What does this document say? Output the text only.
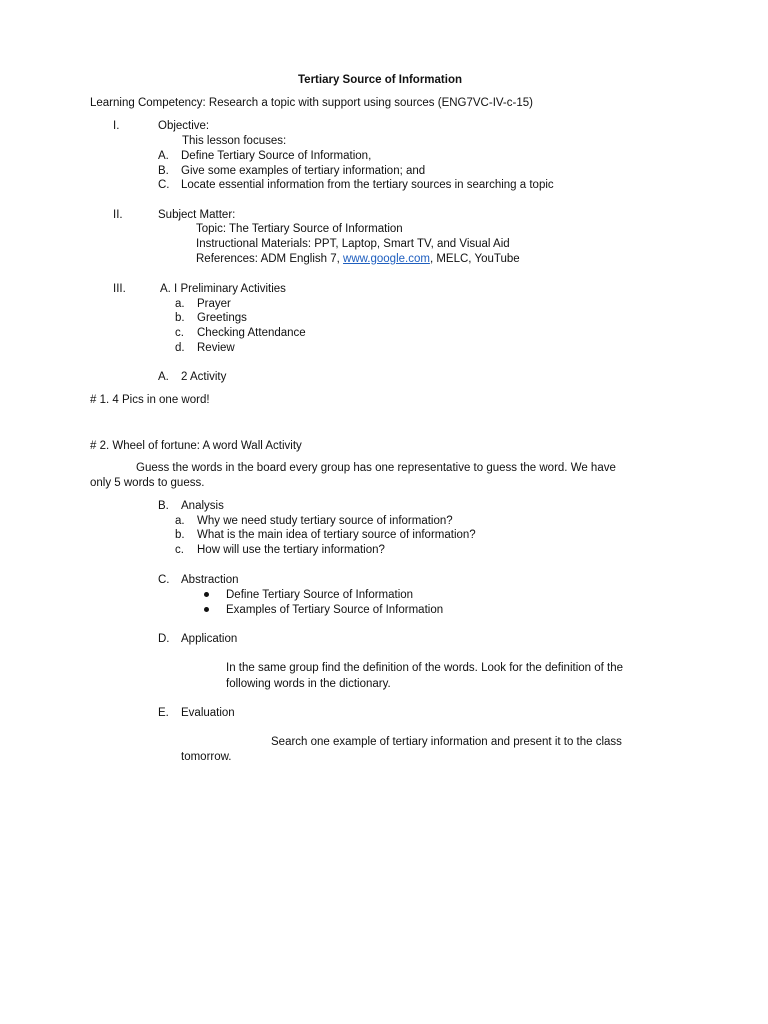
Tertiary Source of Information
Learning Competency: Research a topic with support using sources (ENG7VC-IV-c-15)
I.	Objective:
This lesson focuses:
A. Define Tertiary Source of Information,
B. Give some examples of tertiary information; and
C. Locate essential information from the tertiary sources in searching a topic
II.	Subject Matter:
Topic: The Tertiary Source of Information
Instructional Materials: PPT, Laptop, Smart TV, and Visual Aid
References: ADM English 7, www.google.com, MELC, YouTube
III.	A. I Preliminary Activities
a. Prayer
b. Greetings
c. Checking Attendance
d. Review
A. 2 Activity
# 1. 4 Pics in one word!
# 2. Wheel of fortune: A word Wall Activity
Guess the words in the board every group has one representative to guess the word. We have
only 5 words to guess.
B. Analysis
a. Why we need study tertiary source of information?
b. What is the main idea of tertiary source of information?
c. How will use the tertiary information?
C. Abstraction
Define Tertiary Source of Information
Examples of Tertiary Source of Information
D. Application
In the same group find the definition of the words. Look for the definition of the
following words in the dictionary.
E. Evaluation
Search one example of tertiary information and present it to the class
tomorrow.
